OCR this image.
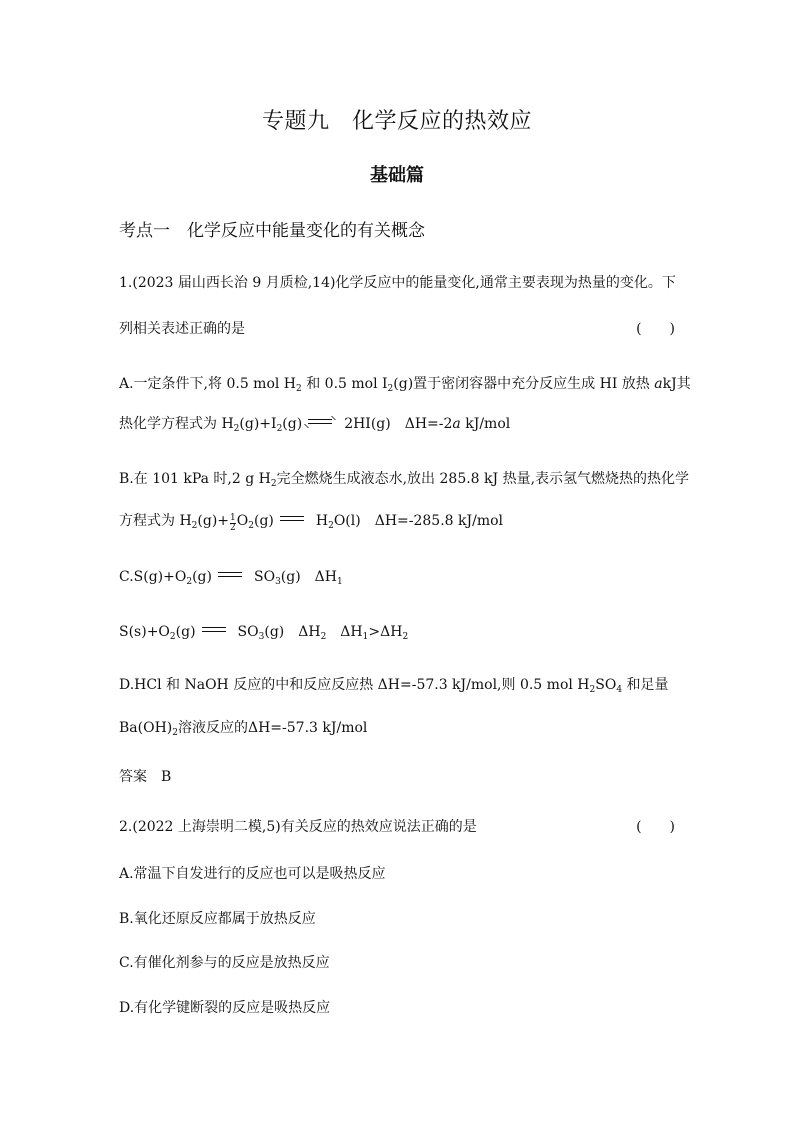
专题九　化学反应的热效应
基础篇
考点一　化学反应中能量变化的有关概念
1.(2023 届山西长治 9 月质检,14)化学反应中的能量变化,通常主要表现为热量的变化。下
列相关表述正确的是	(　　)
A.一定条件下,将 0.5 mol $H_2$ 和 0.5 mol $I_2(g)$置于密闭容器中充分反应生成 HI 放热 akJ其
热化学方程式为 $H_2(g)+I_2(g)$	2HI(g)　ΔH=-2a kJ/mol
B.在 101 kPa 时,2 g $H_2$完全燃烧生成液态水,放出 285.8 kJ 热量,表示氢气燃烧热的热化学
方程式为 $H_2(g)+ \frac{1}{2} O_2(g)$	$H_2O(l)$　ΔH=-285.8 kJ/mol
$C.S(g)+O_2(g)$	$SO_3(g)$　$\Delta H_1$
$S(s)+O_2(g)$	$SO_3(g)$　$\Delta H_2$　$\Delta H_1>\Delta H_2$
D.HCl 和 NaOH 反应的中和反应反应热 ΔH=-57.3 kJ/mol,则 0.5 mol $H_2SO_4$ 和足量
$Ba(OH)_2$溶液反应的ΔH=-57.3 kJ/mol
答案　B
2.(2022 上海崇明二模,5)有关反应的热效应说法正确的是	(　　)
A.常温下自发进行的反应也可以是吸热反应
B.氧化还原反应都属于放热反应
C.有催化剂参与的反应是放热反应
D.有化学键断裂的反应是吸热反应
